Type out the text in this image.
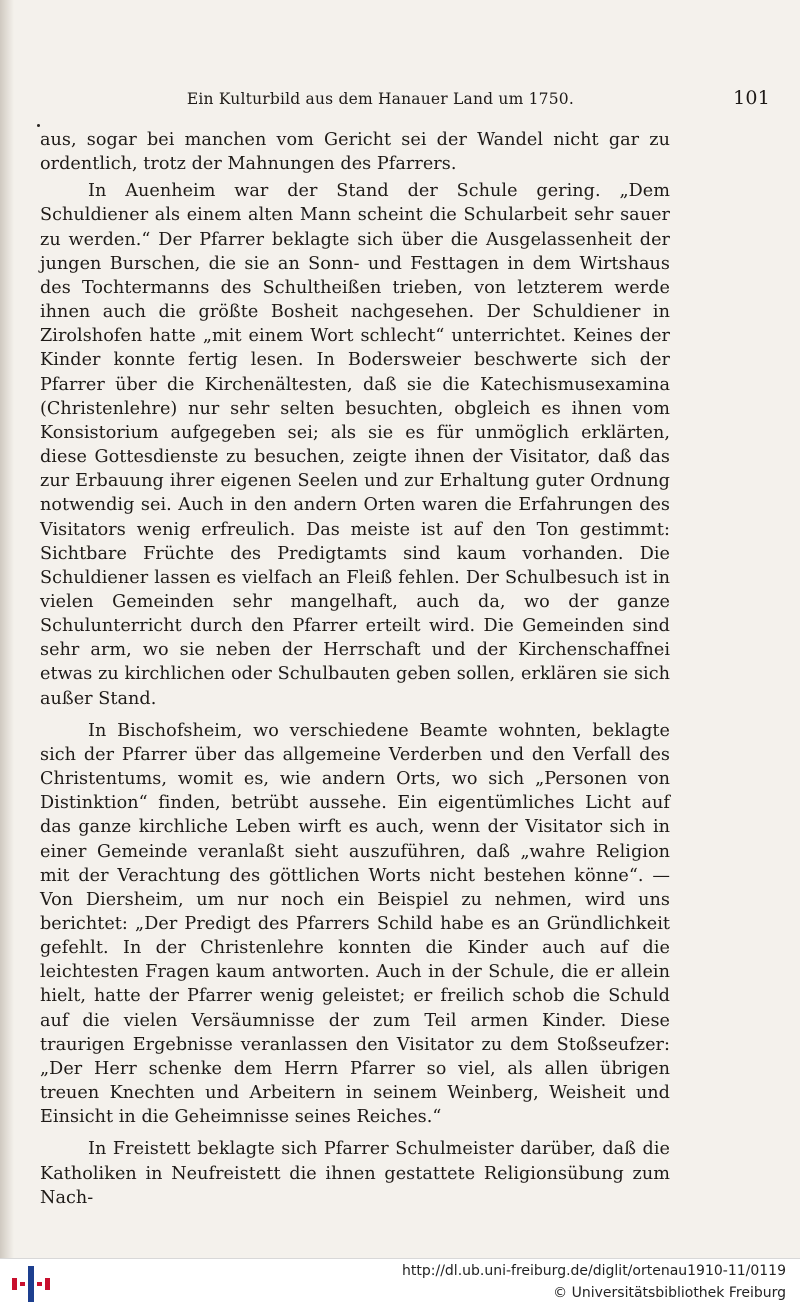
Ein Kulturbild aus dem Hanauer Land um 1750.	101

aus, sogar bei manchen vom Gericht sei der Wandel nicht gar zu ordentlich, trotz der Mahnungen des Pfarrers.

In Auenheim war der Stand der Schule gering. „Dem Schuldiener als einem alten Mann scheint die Schularbeit sehr sauer zu werden.“ Der Pfarrer beklagte sich über die Ausgelassenheit der jungen Burschen, die sie an Sonn- und Festtagen in dem Wirtshaus des Tochtermanns des Schultheißen trieben, von letzterem werde ihnen auch die größte Bosheit nachgesehen. Der Schuldiener in Zirolshofen hatte „mit einem Wort schlecht“ unterrichtet. Keines der Kinder konnte fertig lesen. In Bodersweier beschwerte sich der Pfarrer über die Kirchenältesten, daß sie die Katechismusexamina (Christenlehre) nur sehr selten besuchten, obgleich es ihnen vom Konsistorium aufgegeben sei; als sie es für unmöglich erklärten, diese Gottesdienste zu besuchen, zeigte ihnen der Visitator, daß das zur Erbauung ihrer eigenen Seelen und zur Erhaltung guter Ordnung notwendig sei. Auch in den andern Orten waren die Erfahrungen des Visitators wenig erfreulich. Das meiste ist auf den Ton gestimmt: Sichtbare Früchte des Predigtamts sind kaum vorhanden. Die Schuldiener lassen es vielfach an Fleiß fehlen. Der Schulbesuch ist in vielen Gemeinden sehr mangelhaft, auch da, wo der ganze Schulunterricht durch den Pfarrer erteilt wird. Die Gemeinden sind sehr arm, wo sie neben der Herrschaft und der Kirchenschaffnei etwas zu kirchlichen oder Schulbauten geben sollen, erklären sie sich außer Stand.

In Bischofsheim, wo verschiedene Beamte wohnten, beklagte sich der Pfarrer über das allgemeine Verderben und den Verfall des Christentums, womit es, wie andern Orts, wo sich „Personen von Distinktion“ finden, betrübt aussehe. Ein eigentümliches Licht auf das ganze kirchliche Leben wirft es auch, wenn der Visitator sich in einer Gemeinde veranlaßt sieht auszuführen, daß „wahre Religion mit der Verachtung des göttlichen Worts nicht bestehen könne“. — Von Diersheim, um nur noch ein Beispiel zu nehmen, wird uns berichtet: „Der Predigt des Pfarrers Schild habe es an Gründlichkeit gefehlt. In der Christenlehre konnten die Kinder auch auf die leichtesten Fragen kaum antworten. Auch in der Schule, die er allein hielt, hatte der Pfarrer wenig geleistet; er freilich schob die Schuld auf die vielen Versäumnisse der zum Teil armen Kinder. Diese traurigen Ergebnisse veranlassen den Visitator zu dem Stoßseufzer: „Der Herr schenke dem Herrn Pfarrer so viel, als allen übrigen treuen Knechten und Arbeitern in seinem Weinberg, Weisheit und Einsicht in die Geheimnisse seines Reiches.“

In Freistett beklagte sich Pfarrer Schulmeister darüber, daß die Katholiken in Neufreistett die ihnen gestattete Religionsübung zum Nach-

http://dl.ub.uni-freiburg.de/diglit/ortenau1910-11/0119
© Universitätsbibliothek Freiburg
